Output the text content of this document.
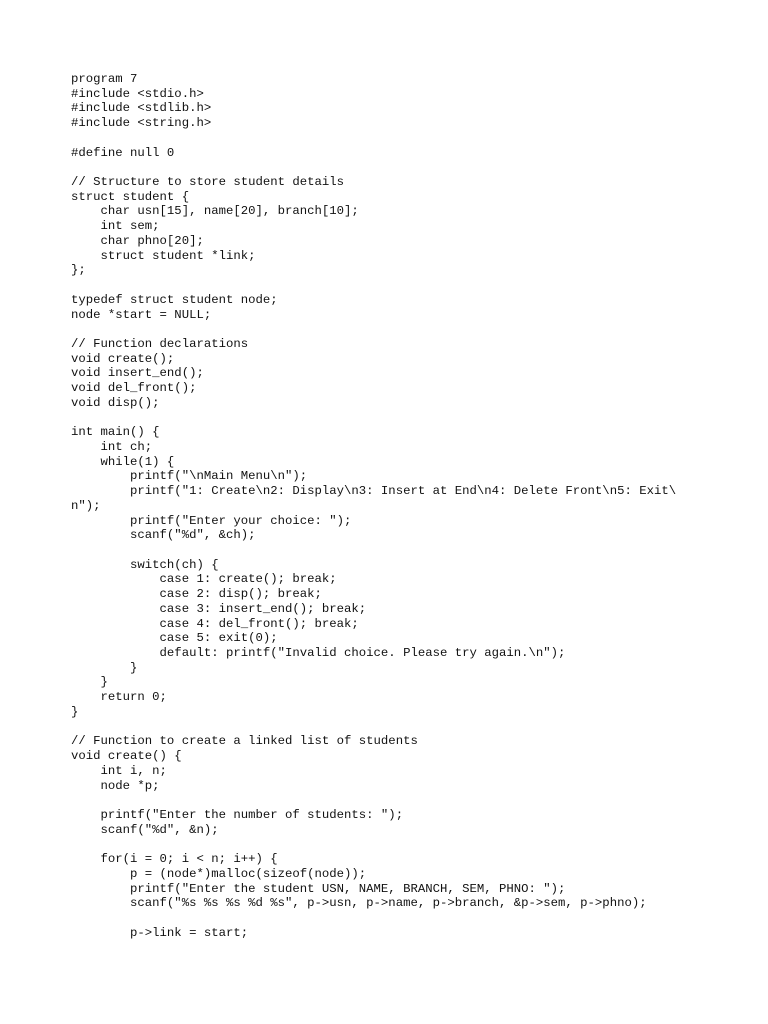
program 7
#include <stdio.h>
#include <stdlib.h>
#include <string.h>
#define null 0
// Structure to store student details
struct student {
char usn[15], name[20], branch[10];
int sem;
char phno[20];
struct student *link;
};
typedef struct student node;
node *start = NULL;
// Function declarations
void create();
void insert_end();
void del_front();
void disp();
int main() {
int ch;
while(1) {
printf("\nMain Menu\n");
printf("1: Create\n2: Display\n3: Insert at End\n4: Delete Front\n5: Exit\
n");
printf("Enter your choice: ");
scanf("%d", &ch);
switch(ch) {
case 1: create(); break;
case 2: disp(); break;
case 3: insert_end(); break;
case 4: del_front(); break;
case 5: exit(0);
default: printf("Invalid choice. Please try again.\n");
}
}
return 0;
}
// Function to create a linked list of students
void create() {
int i, n;
node *p;
printf("Enter the number of students: ");
scanf("%d", &n);
for(i = 0; i < n; i++) {
p = (node*)malloc(sizeof(node));
printf("Enter the student USN, NAME, BRANCH, SEM, PHNO: ");
scanf("%s %s %s %d %s", p->usn, p->name, p->branch, &p->sem, p->phno);
p->link = start;
